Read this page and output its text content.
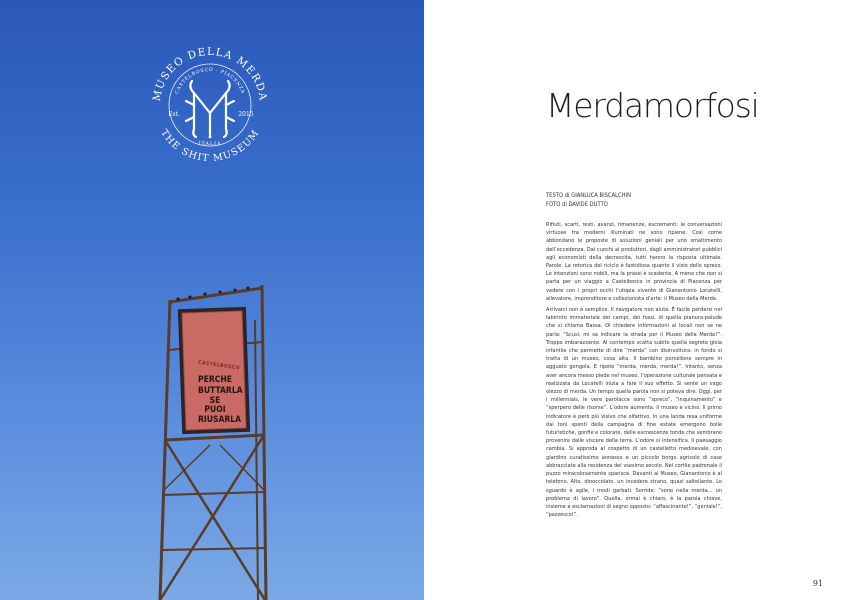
MUSEO DELLA MERDA
CASTELBOSCO · PIACENZA
THE SHIT MUSEUM
Est.	2015
ITALIA
CASTELBOSCO
PERCHE
BUTTARLA
SE PUOI
RIUSARLA
Merdamorfosi
TESTO di GIANLUCA BISCALCHIN
FOTO di DAVIDE DUTTO

Rifiuti, scarti, resti, avanzi, rimanenze, escrementi: le conversazioni virtuose tra moderni illuminati ne sono ripiene. Così come abbondano le proposte di soluzioni geniali per uno smaltimento dell’eccedenza. Dai cuochi ai produttori, dagli amministratori pubblici agli economisti della decrescita, tutti hanno la risposta ultimale. Parole. La retorica del riciclo è fastidiosa quanto il vizio dello spreco. Le intenzioni sono nobili, ma la prassi è scadente. A meno che non si parta per un viaggio a Castelbosco in provincia di Piacenza per vedere con i propri occhi l’utopia vivente di Gianantonio Locatelli, allevatore, imprenditore e collezionista d’arte: il Museo della Merda.

Arrivarci non è semplice. Il navigatore non aiuta. È facile perdersi nel labirinto immateriale dei campi, dei fossi, di quella pianura-palude che si chiama Bassa. Ol chiedere informazioni ai locali non se ne parla: “Scusi, mi sa indicare la strada per il Museo della Merda?”. Troppo imbarazzante. Al contempo scatta subito quella segreta gioia infantile che permette di dire “merda” con disinvoltura: in fondo si tratta di un museo, cosa alta. Il bambino porcellone sempre in agguato gongola. E ripete “merda, merda, merda!”. Intanto, senza aver ancora messo piede nel museo, l’operazione culturale pensata e realizzata da Locatelli inizia a fare il suo effetto. Si sente un vago olezzo di merda. Un tempo quella parola non si poteva dire. Oggi, per i millennials, le vere parolacce sono “spreco”, “inquinamento” e “sperpero delle risorse”. L’odore aumenta. Il museo è vicino. Il primo indicatore è però più visivo che olfattivo. In una landa resa uniforme dai toni spenti della campagna di fine estate emergono bolle futuristiche, gonfie e colorate, delle escrescenze tonde che sembrano provenire dalle viscere della terra. L’odore si intensifica. Il paesaggio cambia. Si approda al cospetto di un castelletto medioevale, con giardino curatissimo annesso e un piccolo borgo agricolo di case abbracciate alla residenza del vsesimo secolo. Nel cortile padronale il puzzo miracolosamente sparisce. Davanti al Museo, Gianantonio è al telefono. Alto, dinoccolato, un incedere strano, quasi saltellante. Lo sguardo è agile, i modi garbati. Sorride: “sono nella merda... un problema di lavoro”. Quella, ormai è chiaro, è la parola chiave, insieme a esclamazioni di segno opposto: “affascinante!”, “geniale!”, “pazzesco!”.

91
